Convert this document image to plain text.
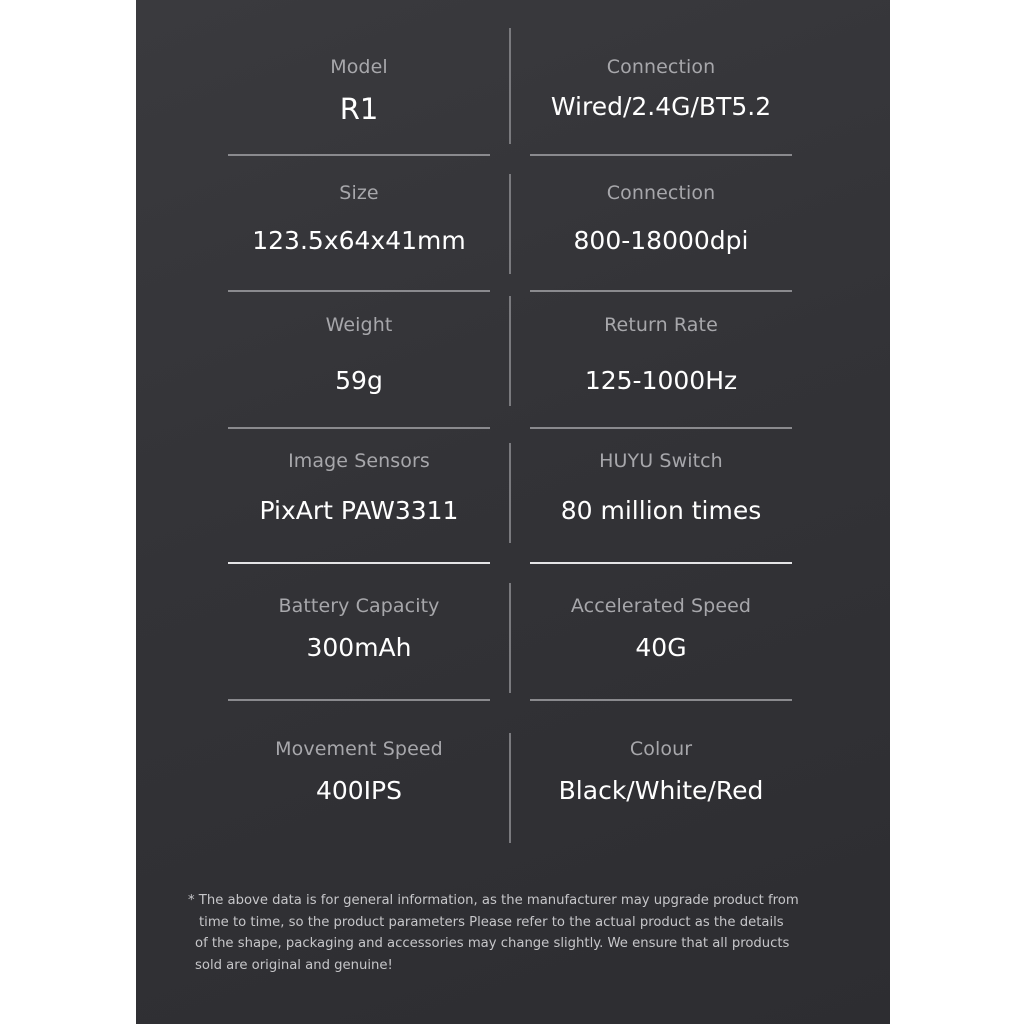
Model
R1
Connection
Wired/2.4G/BT5.2
Size
123.5x64x41mm
Connection
800-18000dpi
Weight
59g
Return Rate
125-1000Hz
Image Sensors
PixArt PAW3311
HUYU Switch
80 million times
Battery Capacity
300mAh
Accelerated Speed
40G
Movement Speed
400IPS
Colour
Black/White/Red
* The above data is for general information, as the manufacturer may upgrade product from
time to time, so the product parameters Please refer to the actual product as the details
of the shape, packaging and accessories may change slightly. We ensure that all products
sold are original and genuine!
